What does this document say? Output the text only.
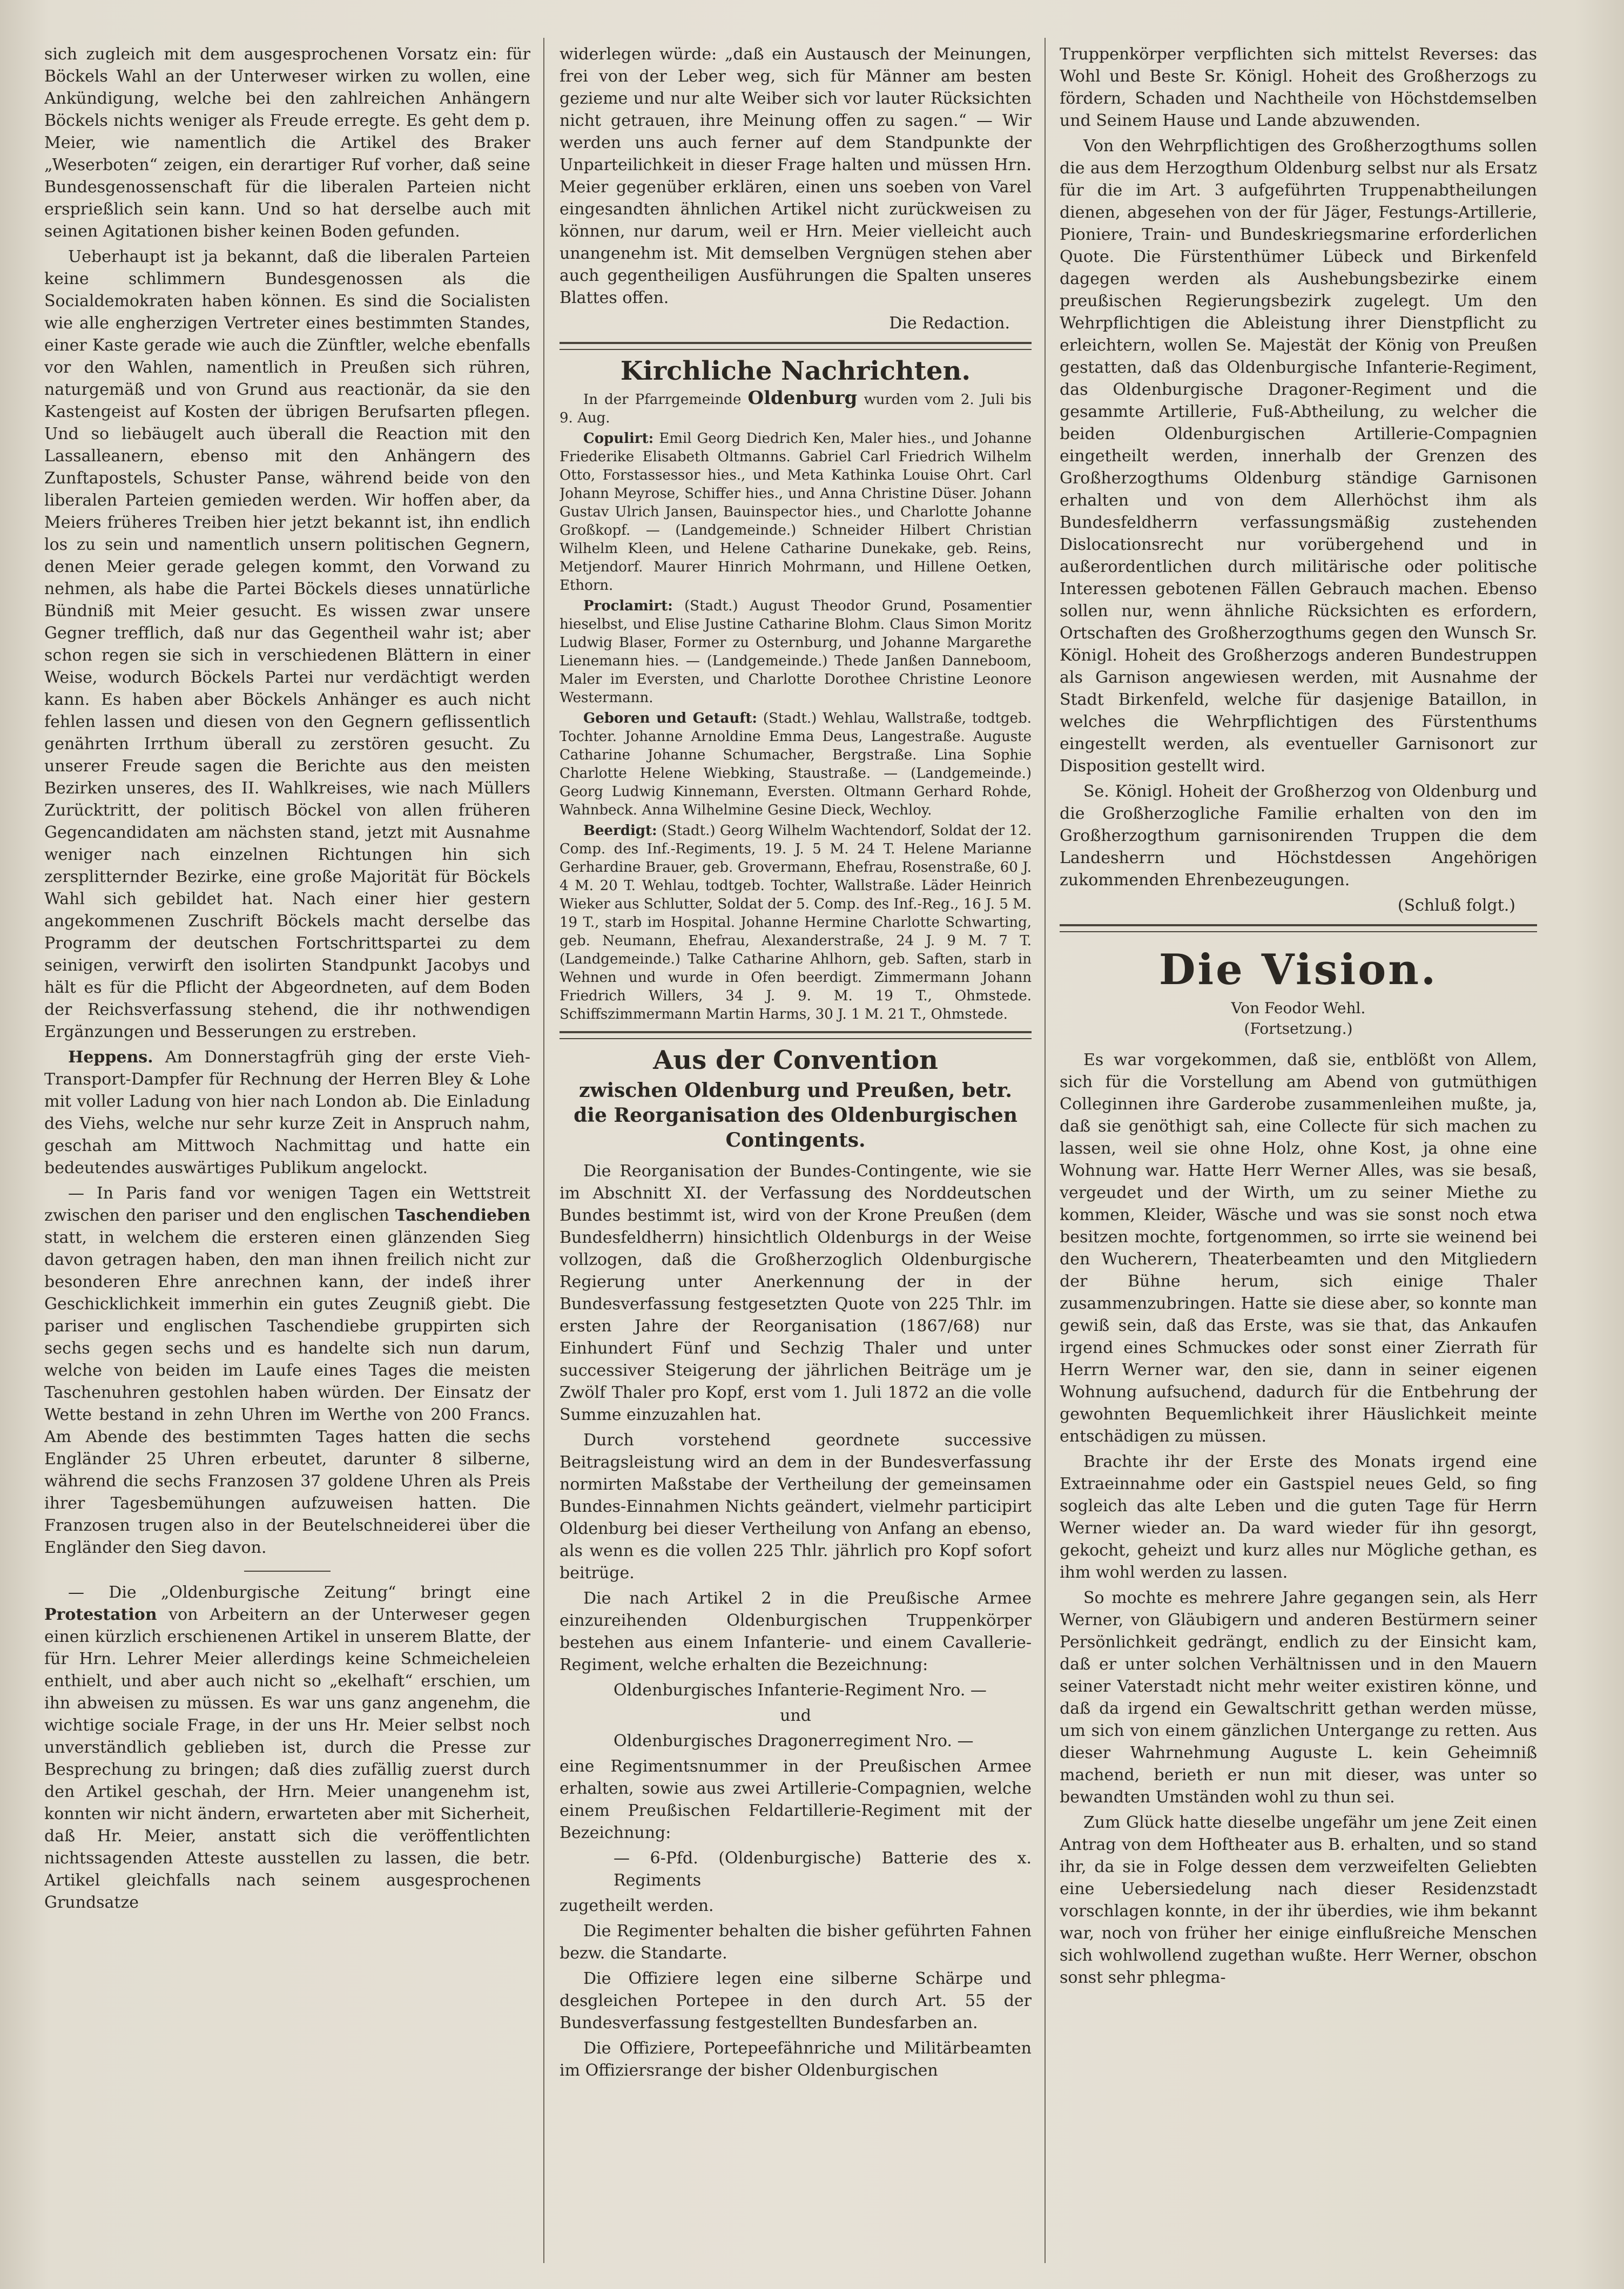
sich zugleich mit dem ausgesprochenen Vorsatz ein: für Böckels Wahl an der Unterweser wirken zu wollen, eine Ankündigung, welche bei den zahlreichen Anhängern Böckels nichts weniger als Freude erregte. Es geht dem p. Meier, wie namentlich die Artikel des Braker „Weserboten“ zeigen, ein derartiger Ruf vorher, daß seine Bundesgenossenschaft für die liberalen Parteien nicht ersprießlich sein kann. Und so hat derselbe auch mit seinen Agitationen bisher keinen Boden gefunden.

Ueberhaupt ist ja bekannt, daß die liberalen Parteien keine schlimmern Bundesgenossen als die Socialdemokraten haben können. Es sind die Socialisten wie alle engherzigen Vertreter eines bestimmten Standes, einer Kaste gerade wie auch die Zünftler, welche ebenfalls vor den Wahlen, namentlich in Preußen sich rühren, naturgemäß und von Grund aus reactionär, da sie den Kastengeist auf Kosten der übrigen Berufsarten pflegen. Und so liebäugelt auch überall die Reaction mit den Lassalleanern, ebenso mit den Anhängern des Zunftapostels, Schuster Panse, während beide von den liberalen Parteien gemieden werden. Wir hoffen aber, da Meiers früheres Treiben hier jetzt bekannt ist, ihn endlich los zu sein und namentlich unsern politischen Gegnern, denen Meier gerade gelegen kommt, den Vorwand zu nehmen, als habe die Partei Böckels dieses unnatürliche Bündniß mit Meier gesucht. Es wissen zwar unsere Gegner trefflich, daß nur das Gegentheil wahr ist; aber schon regen sie sich in verschiedenen Blättern in einer Weise, wodurch Böckels Partei nur verdächtigt werden kann. Es haben aber Böckels Anhänger es auch nicht fehlen lassen und diesen von den Gegnern geflissentlich genährten Irrthum überall zu zerstören gesucht. Zu unserer Freude sagen die Berichte aus den meisten Bezirken unseres, des II. Wahlkreises, wie nach Müllers Zurücktritt, der politisch Böckel von allen früheren Gegencandidaten am nächsten stand, jetzt mit Ausnahme weniger nach einzelnen Richtungen hin sich zersplitternder Bezirke, eine große Majorität für Böckels Wahl sich gebildet hat. Nach einer hier gestern angekommenen Zuschrift Böckels macht derselbe das Programm der deutschen Fortschrittspartei zu dem seinigen, verwirft den isolirten Standpunkt Jacobys und hält es für die Pflicht der Abgeordneten, auf dem Boden der Reichsverfassung stehend, die ihr nothwendigen Ergänzungen und Besserungen zu erstreben.

Heppens. Am Donnerstagfrüh ging der erste Vieh-Transport-Dampfer für Rechnung der Herren Bley & Lohe mit voller Ladung von hier nach London ab. Die Einladung des Viehs, welche nur sehr kurze Zeit in Anspruch nahm, geschah am Mittwoch Nachmittag und hatte ein bedeutendes auswärtiges Publikum angelockt.

— In Paris fand vor wenigen Tagen ein Wettstreit zwischen den pariser und den englischen Taschendieben statt, in welchem die ersteren einen glänzenden Sieg davon getragen haben, den man ihnen freilich nicht zur besonderen Ehre anrechnen kann, der indeß ihrer Geschicklichkeit immerhin ein gutes Zeugniß giebt. Die pariser und englischen Taschendiebe gruppirten sich sechs gegen sechs und es handelte sich nun darum, welche von beiden im Laufe eines Tages die meisten Taschenuhren gestohlen haben würden. Der Einsatz der Wette bestand in zehn Uhren im Werthe von 200 Francs. Am Abende des bestimmten Tages hatten die sechs Engländer 25 Uhren erbeutet, darunter 8 silberne, während die sechs Franzosen 37 goldene Uhren als Preis ihrer Tagesbemühungen aufzuweisen hatten. Die Franzosen trugen also in der Beutelschneiderei über die Engländer den Sieg davon.

— Die „Oldenburgische Zeitung“ bringt eine Protestation von Arbeitern an der Unterweser gegen einen kürzlich erschienenen Artikel in unserem Blatte, der für Hrn. Lehrer Meier allerdings keine Schmeicheleien enthielt, und aber auch nicht so „ekelhaft“ erschien, um ihn abweisen zu müssen. Es war uns ganz angenehm, die wichtige sociale Frage, in der uns Hr. Meier selbst noch unverständlich geblieben ist, durch die Presse zur Besprechung zu bringen; daß dies zufällig zuerst durch den Artikel geschah, der Hrn. Meier unangenehm ist, konnten wir nicht ändern, erwarteten aber mit Sicherheit, daß Hr. Meier, anstatt sich die veröffentlichten nichtssagenden Atteste ausstellen zu lassen, die betr. Artikel gleichfalls nach seinem ausgesprochenen Grundsatze

widerlegen würde: „daß ein Austausch der Meinungen, frei von der Leber weg, sich für Männer am besten gezieme und nur alte Weiber sich vor lauter Rücksichten nicht getrauen, ihre Meinung offen zu sagen.“ — Wir werden uns auch ferner auf dem Standpunkte der Unparteilichkeit in dieser Frage halten und müssen Hrn. Meier gegenüber erklären, einen uns soeben von Varel eingesandten ähnlichen Artikel nicht zurückweisen zu können, nur darum, weil er Hrn. Meier vielleicht auch unangenehm ist. Mit demselben Vergnügen stehen aber auch gegentheiligen Ausführungen die Spalten unseres Blattes offen.

Die Redaction.

Kirchliche Nachrichten.

In der Pfarrgemeinde Oldenburg wurden vom 2. Juli bis 9. Aug.

Copulirt: Emil Georg Diedrich Ken, Maler hies., und Johanne Friederike Elisabeth Oltmanns. Gabriel Carl Friedrich Wilhelm Otto, Forstassessor hies., und Meta Kathinka Louise Ohrt. Carl Johann Meyrose, Schiffer hies., und Anna Christine Düser. Johann Gustav Ulrich Jansen, Bauinspector hies., und Charlotte Johanne Großkopf. — (Landgemeinde.) Schneider Hilbert Christian Wilhelm Kleen, und Helene Catharine Dunekake, geb. Reins, Metjendorf. Maurer Hinrich Mohrmann, und Hillene Oetken, Ethorn.

Proclamirt: (Stadt.) August Theodor Grund, Posamentier hieselbst, und Elise Justine Catharine Blohm. Claus Simon Moritz Ludwig Blaser, Former zu Osternburg, und Johanne Margarethe Lienemann hies. — (Landgemeinde.) Thede Janßen Danneboom, Maler im Eversten, und Charlotte Dorothee Christine Leonore Westermann.

Geboren und Getauft: (Stadt.) Wehlau, Wallstraße, todtgeb. Tochter. Johanne Arnoldine Emma Deus, Langestraße. Auguste Catharine Johanne Schumacher, Bergstraße. Lina Sophie Charlotte Helene Wiebking, Staustraße. — (Landgemeinde.) Georg Ludwig Kinnemann, Eversten. Oltmann Gerhard Rohde, Wahnbeck. Anna Wilhelmine Gesine Dieck, Wechloy.

Beerdigt: (Stadt.) Georg Wilhelm Wachtendorf, Soldat der 12. Comp. des Inf.-Regiments, 19. J. 5 M. 24 T. Helene Marianne Gerhardine Brauer, geb. Grovermann, Ehefrau, Rosenstraße, 60 J. 4 M. 20 T. Wehlau, todtgeb. Tochter, Wallstraße. Läder Heinrich Wieker aus Schlutter, Soldat der 5. Comp. des Inf.-Reg., 16 J. 5 M. 19 T., starb im Hospital. Johanne Hermine Charlotte Schwarting, geb. Neumann, Ehefrau, Alexanderstraße, 24 J. 9 M. 7 T. (Landgemeinde.) Talke Catharine Ahlhorn, geb. Saften, starb in Wehnen und wurde in Ofen beerdigt. Zimmermann Johann Friedrich Willers, 34 J. 9. M. 19 T., Ohmstede. Schiffszimmermann Martin Harms, 30 J. 1 M. 21 T., Ohmstede.

Aus der Convention
zwischen Oldenburg und Preußen, betr. die Reorganisation des Oldenburgischen Contingents.

Die Reorganisation der Bundes-Contingente, wie sie im Abschnitt XI. der Verfassung des Norddeutschen Bundes bestimmt ist, wird von der Krone Preußen (dem Bundesfeldherrn) hinsichtlich Oldenburgs in der Weise vollzogen, daß die Großherzoglich Oldenburgische Regierung unter Anerkennung der in der Bundesverfassung festgesetzten Quote von 225 Thlr. im ersten Jahre der Reorganisation (1867/68) nur Einhundert Fünf und Sechzig Thaler und unter successiver Steigerung der jährlichen Beiträge um je Zwölf Thaler pro Kopf, erst vom 1. Juli 1872 an die volle Summe einzuzahlen hat.

Durch vorstehend geordnete successive Beitragsleistung wird an dem in der Bundesverfassung normirten Maßstabe der Vertheilung der gemeinsamen Bundes-Einnahmen Nichts geändert, vielmehr participirt Oldenburg bei dieser Vertheilung von Anfang an ebenso, als wenn es die vollen 225 Thlr. jährlich pro Kopf sofort beitrüge.

Die nach Artikel 2 in die Preußische Armee einzureihenden Oldenburgischen Truppenkörper bestehen aus einem Infanterie- und einem Cavallerie-Regiment, welche erhalten die Bezeichnung:

Oldenburgisches Infanterie-Regiment Nro. —

und

Oldenburgisches Dragonerregiment Nro. —

eine Regimentsnummer in der Preußischen Armee erhalten, sowie aus zwei Artillerie-Compagnien, welche einem Preußischen Feldartillerie-Regiment mit der Bezeichnung:

— 6-Pfd. (Oldenburgische) Batterie des x. Regiments

zugetheilt werden.

Die Regimenter behalten die bisher geführten Fahnen bezw. die Standarte.

Die Offiziere legen eine silberne Schärpe und desgleichen Portepee in den durch Art. 55 der Bundesverfassung festgestellten Bundesfarben an.

Die Offiziere, Portepeefähnriche und Militärbeamten im Offiziersrange der bisher Oldenburgischen

Truppenkörper verpflichten sich mittelst Reverses: das Wohl und Beste Sr. Königl. Hoheit des Großherzogs zu fördern, Schaden und Nachtheile von Höchstdemselben und Seinem Hause und Lande abzuwenden.

Von den Wehrpflichtigen des Großherzogthums sollen die aus dem Herzogthum Oldenburg selbst nur als Ersatz für die im Art. 3 aufgeführten Truppenabtheilungen dienen, abgesehen von der für Jäger, Festungs-Artillerie, Pioniere, Train- und Bundeskriegsmarine erforderlichen Quote. Die Fürstenthümer Lübeck und Birkenfeld dagegen werden als Aushebungsbezirke einem preußischen Regierungsbezirk zugelegt. Um den Wehrpflichtigen die Ableistung ihrer Dienstpflicht zu erleichtern, wollen Se. Majestät der König von Preußen gestatten, daß das Oldenburgische Infanterie-Regiment, das Oldenburgische Dragoner-Regiment und die gesammte Artillerie, Fuß-Abtheilung, zu welcher die beiden Oldenburgischen Artillerie-Compagnien eingetheilt werden, innerhalb der Grenzen des Großherzogthums Oldenburg ständige Garnisonen erhalten und von dem Allerhöchst ihm als Bundesfeldherrn verfassungsmäßig zustehenden Dislocationsrecht nur vorübergehend und in außerordentlichen durch militärische oder politische Interessen gebotenen Fällen Gebrauch machen. Ebenso sollen nur, wenn ähnliche Rücksichten es erfordern, Ortschaften des Großherzogthums gegen den Wunsch Sr. Königl. Hoheit des Großherzogs anderen Bundestruppen als Garnison angewiesen werden, mit Ausnahme der Stadt Birkenfeld, welche für dasjenige Bataillon, in welches die Wehrpflichtigen des Fürstenthums eingestellt werden, als eventueller Garnisonort zur Disposition gestellt wird.

Se. Königl. Hoheit der Großherzog von Oldenburg und die Großherzogliche Familie erhalten von den im Großherzogthum garnisonirenden Truppen die dem Landesherrn und Höchstdessen Angehörigen zukommenden Ehrenbezeugungen.

(Schluß folgt.)

Die Vision.

Von Feodor Wehl.

(Fortsetzung.)

Es war vorgekommen, daß sie, entblößt von Allem, sich für die Vorstellung am Abend von gutmüthigen Colleginnen ihre Garderobe zusammenleihen mußte, ja, daß sie genöthigt sah, eine Collecte für sich machen zu lassen, weil sie ohne Holz, ohne Kost, ja ohne eine Wohnung war. Hatte Herr Werner Alles, was sie besaß, vergeudet und der Wirth, um zu seiner Miethe zu kommen, Kleider, Wäsche und was sie sonst noch etwa besitzen mochte, fortgenommen, so irrte sie weinend bei den Wucherern, Theaterbeamten und den Mitgliedern der Bühne herum, sich einige Thaler zusammenzubringen. Hatte sie diese aber, so konnte man gewiß sein, daß das Erste, was sie that, das Ankaufen irgend eines Schmuckes oder sonst einer Zierrath für Herrn Werner war, den sie, dann in seiner eigenen Wohnung aufsuchend, dadurch für die Entbehrung der gewohnten Bequemlichkeit ihrer Häuslichkeit meinte entschädigen zu müssen.

Brachte ihr der Erste des Monats irgend eine Extraeinnahme oder ein Gastspiel neues Geld, so fing sogleich das alte Leben und die guten Tage für Herrn Werner wieder an. Da ward wieder für ihn gesorgt, gekocht, geheizt und kurz alles nur Mögliche gethan, es ihm wohl werden zu lassen.

So mochte es mehrere Jahre gegangen sein, als Herr Werner, von Gläubigern und anderen Bestürmern seiner Persönlichkeit gedrängt, endlich zu der Einsicht kam, daß er unter solchen Verhältnissen und in den Mauern seiner Vaterstadt nicht mehr weiter existiren könne, und daß da irgend ein Gewaltschritt gethan werden müsse, um sich von einem gänzlichen Untergange zu retten. Aus dieser Wahrnehmung Auguste L. kein Geheimniß machend, berieth er nun mit dieser, was unter so bewandten Umständen wohl zu thun sei.

Zum Glück hatte dieselbe ungefähr um jene Zeit einen Antrag von dem Hoftheater aus B. erhalten, und so stand ihr, da sie in Folge dessen dem verzweifelten Geliebten eine Uebersiedelung nach dieser Residenzstadt vorschlagen konnte, in der ihr überdies, wie ihm bekannt war, noch von früher her einige einflußreiche Menschen sich wohlwollend zugethan wußte. Herr Werner, obschon sonst sehr phlegma-
